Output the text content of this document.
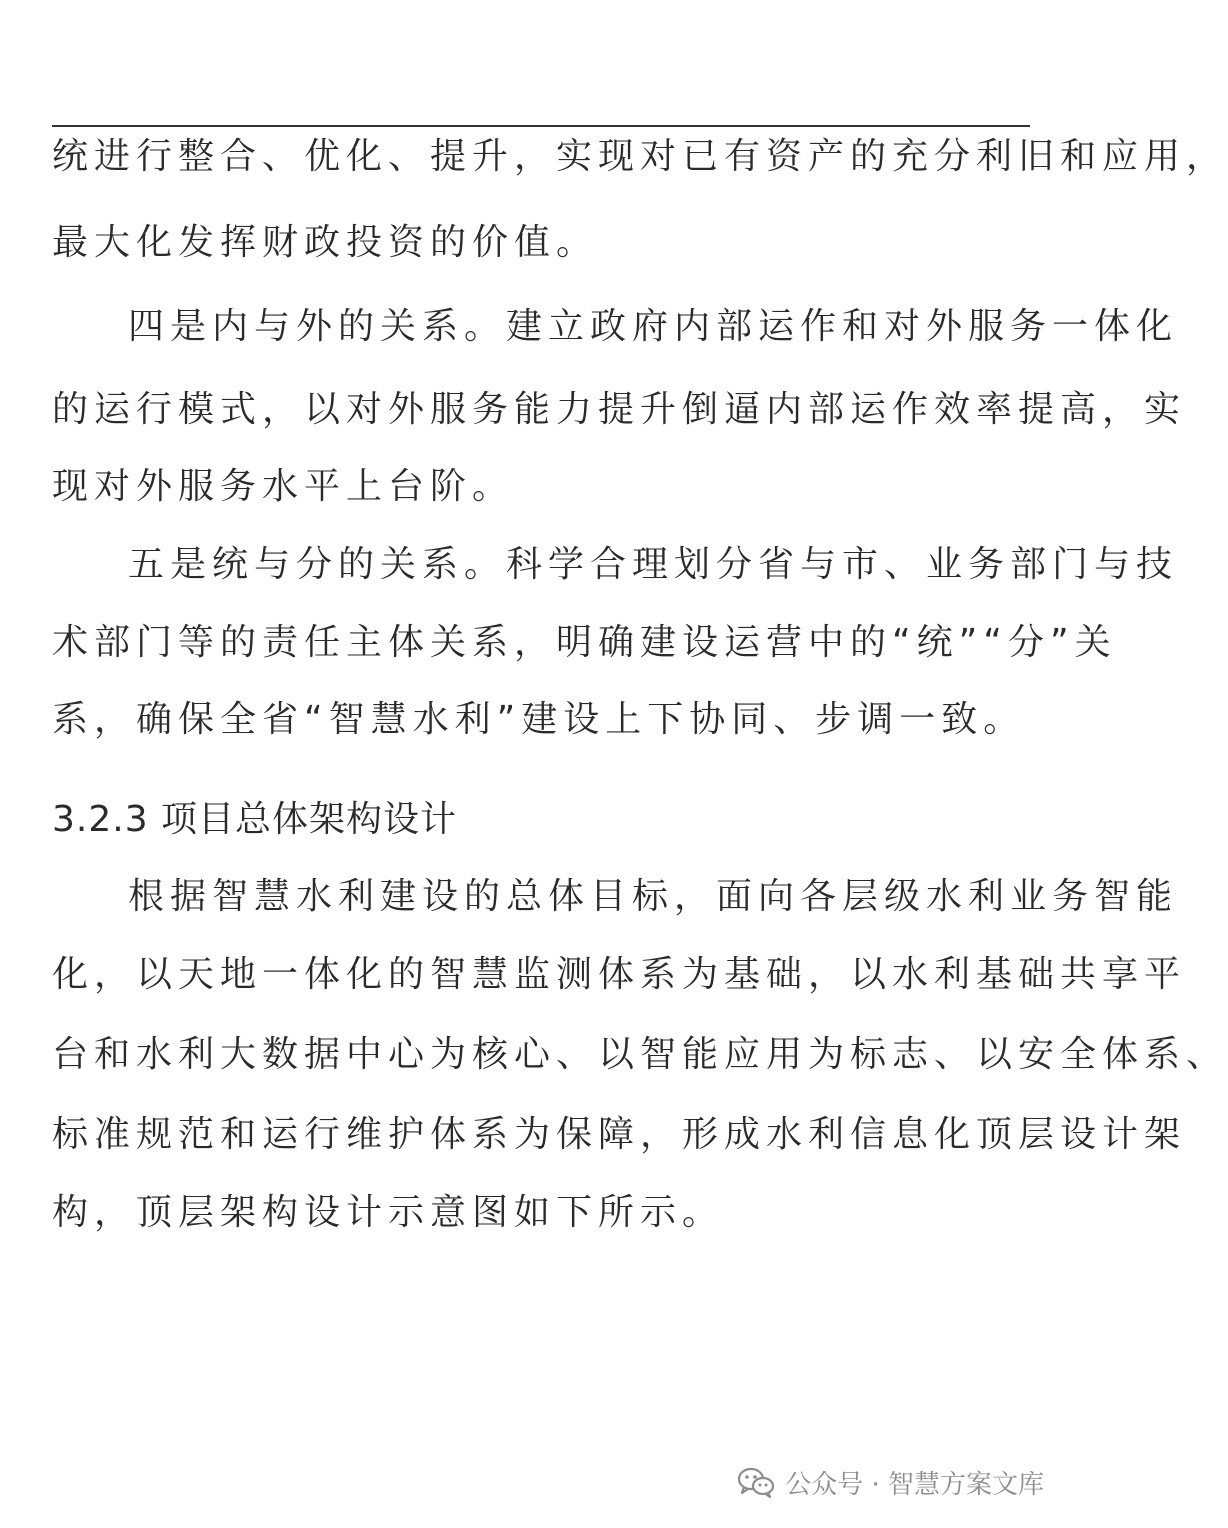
统进行整合、优化、提升，实现对已有资产的充分利旧和应用，
最大化发挥财政投资的价值。
四是内与外的关系。建立政府内部运作和对外服务一体化
的运行模式，以对外服务能力提升倒逼内部运作效率提高，实
现对外服务水平上台阶。
五是统与分的关系。科学合理划分省与市、业务部门与技
术部门等的责任主体关系，明确建设运营中的“统”“分”关
系，确保全省“智慧水利”建设上下协同、步调一致。
3.2.3 项目总体架构设计
根据智慧水利建设的总体目标，面向各层级水利业务智能
化，以天地一体化的智慧监测体系为基础，以水利基础共享平
台和水利大数据中心为核心、以智能应用为标志、以安全体系、
标准规范和运行维护体系为保障，形成水利信息化顶层设计架
构，顶层架构设计示意图如下所示。
公众号 · 智慧方案文库
